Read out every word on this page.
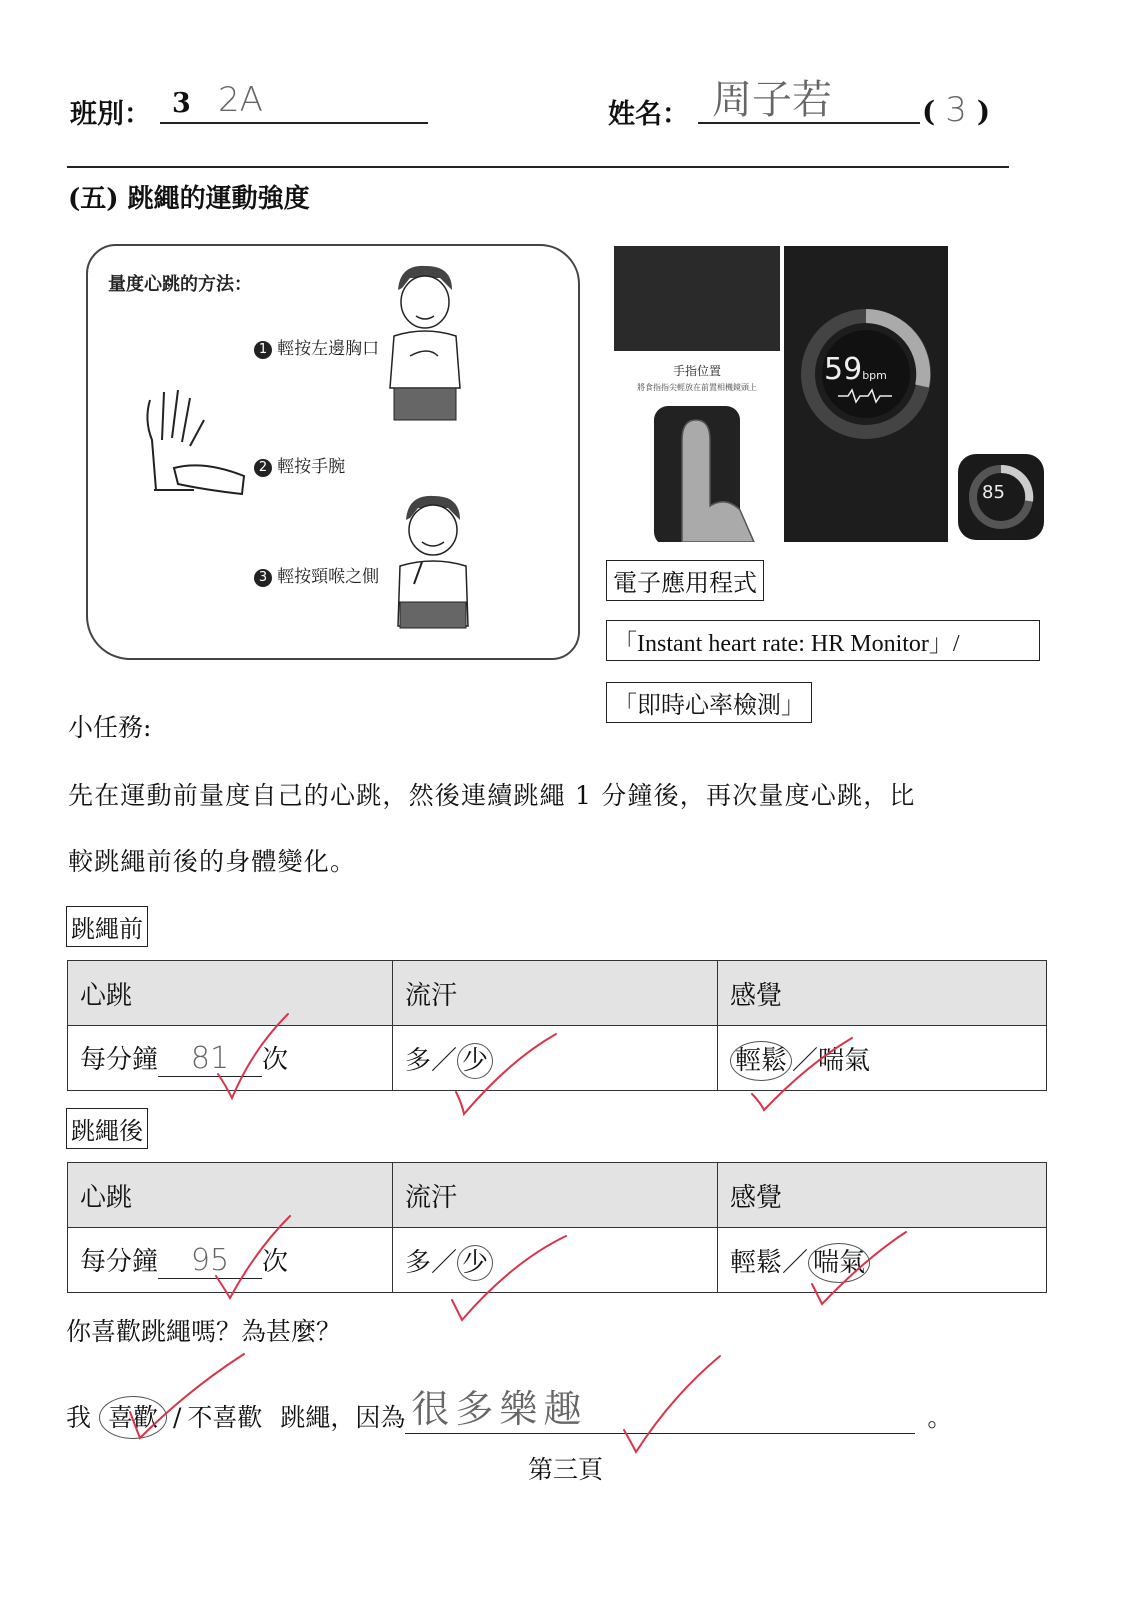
班別： 3 2A	姓名： 周子若	( 3 )
(五) 跳繩的運動強度
量度心跳的方法：
1 輕按左邊胸口
2 輕按手腕
3 輕按頸喉之側
手指位置
將食指指尖輕放在前置相機鏡頭上
59bpm
85
電子應用程式
「Instant heart rate: HR Monitor」/
「即時心率檢測」
小任務:
先在運動前量度自己的心跳，然後連續跳繩 1 分鐘後，再次量度心跳，比
較跳繩前後的身體變化。
跳繩前
心跳	流汗	感覺
每分鐘 81 次	多／ 少	輕鬆 ／喘氣
跳繩後
心跳	流汗	感覺
每分鐘 95 次	多／ 少	輕鬆／ 喘氣
你喜歡跳繩嗎？為甚麼？
我 喜歡 / 不喜歡 跳繩，因為 很多樂趣	。
第三頁
